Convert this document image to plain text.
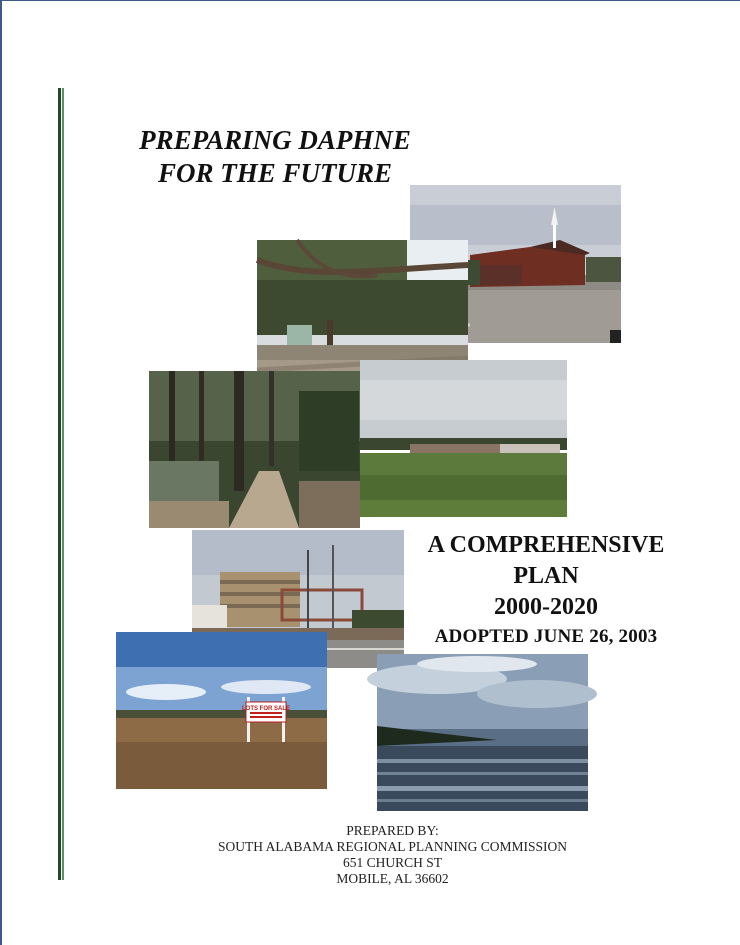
PREPARING DAPHNE
FOR THE FUTURE
LOTS FOR SALE
A COMPREHENSIVE
PLAN
2000-2020
ADOPTED JUNE 26, 2003
PREPARED BY:
SOUTH ALABAMA REGIONAL PLANNING COMMISSION
651 CHURCH ST
MOBILE, AL 36602
